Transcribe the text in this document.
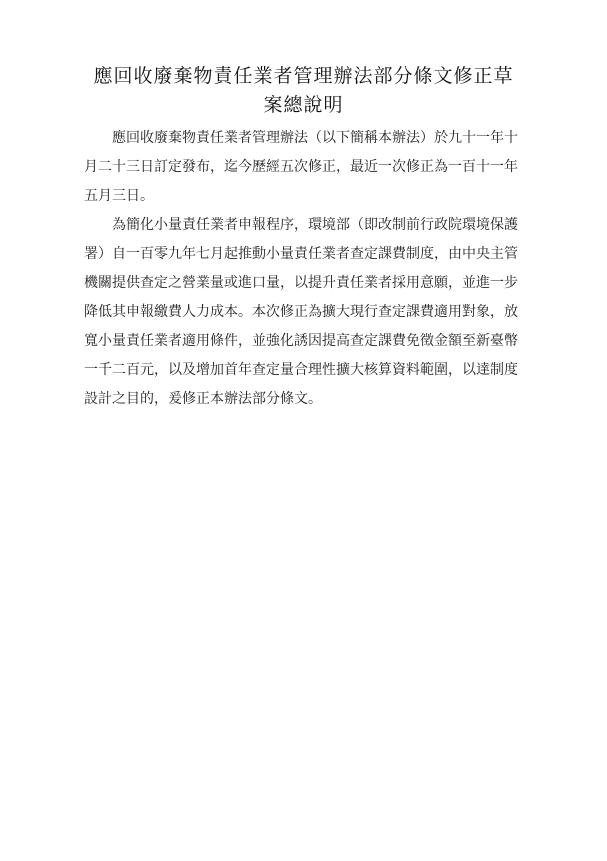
應回收廢棄物責任業者管理辦法部分條文修正草
案總說明
應回收廢棄物責任業者管理辦法（以下簡稱本辦法）於九十一年十
月二十三日訂定發布，迄今歷經五次修正，最近一次修正為一百十一年
五月三日。
為簡化小量責任業者申報程序，環境部（即改制前行政院環境保護
署）自一百零九年七月起推動小量責任業者查定課費制度，由中央主管
機關提供查定之營業量或進口量，以提升責任業者採用意願，並進一步
降低其申報繳費人力成本。本次修正為擴大現行查定課費適用對象，放
寬小量責任業者適用條件，並強化誘因提高查定課費免徵金額至新臺幣
一千二百元，以及增加首年查定量合理性擴大核算資料範圍，以達制度
設計之目的，爰修正本辦法部分條文。
